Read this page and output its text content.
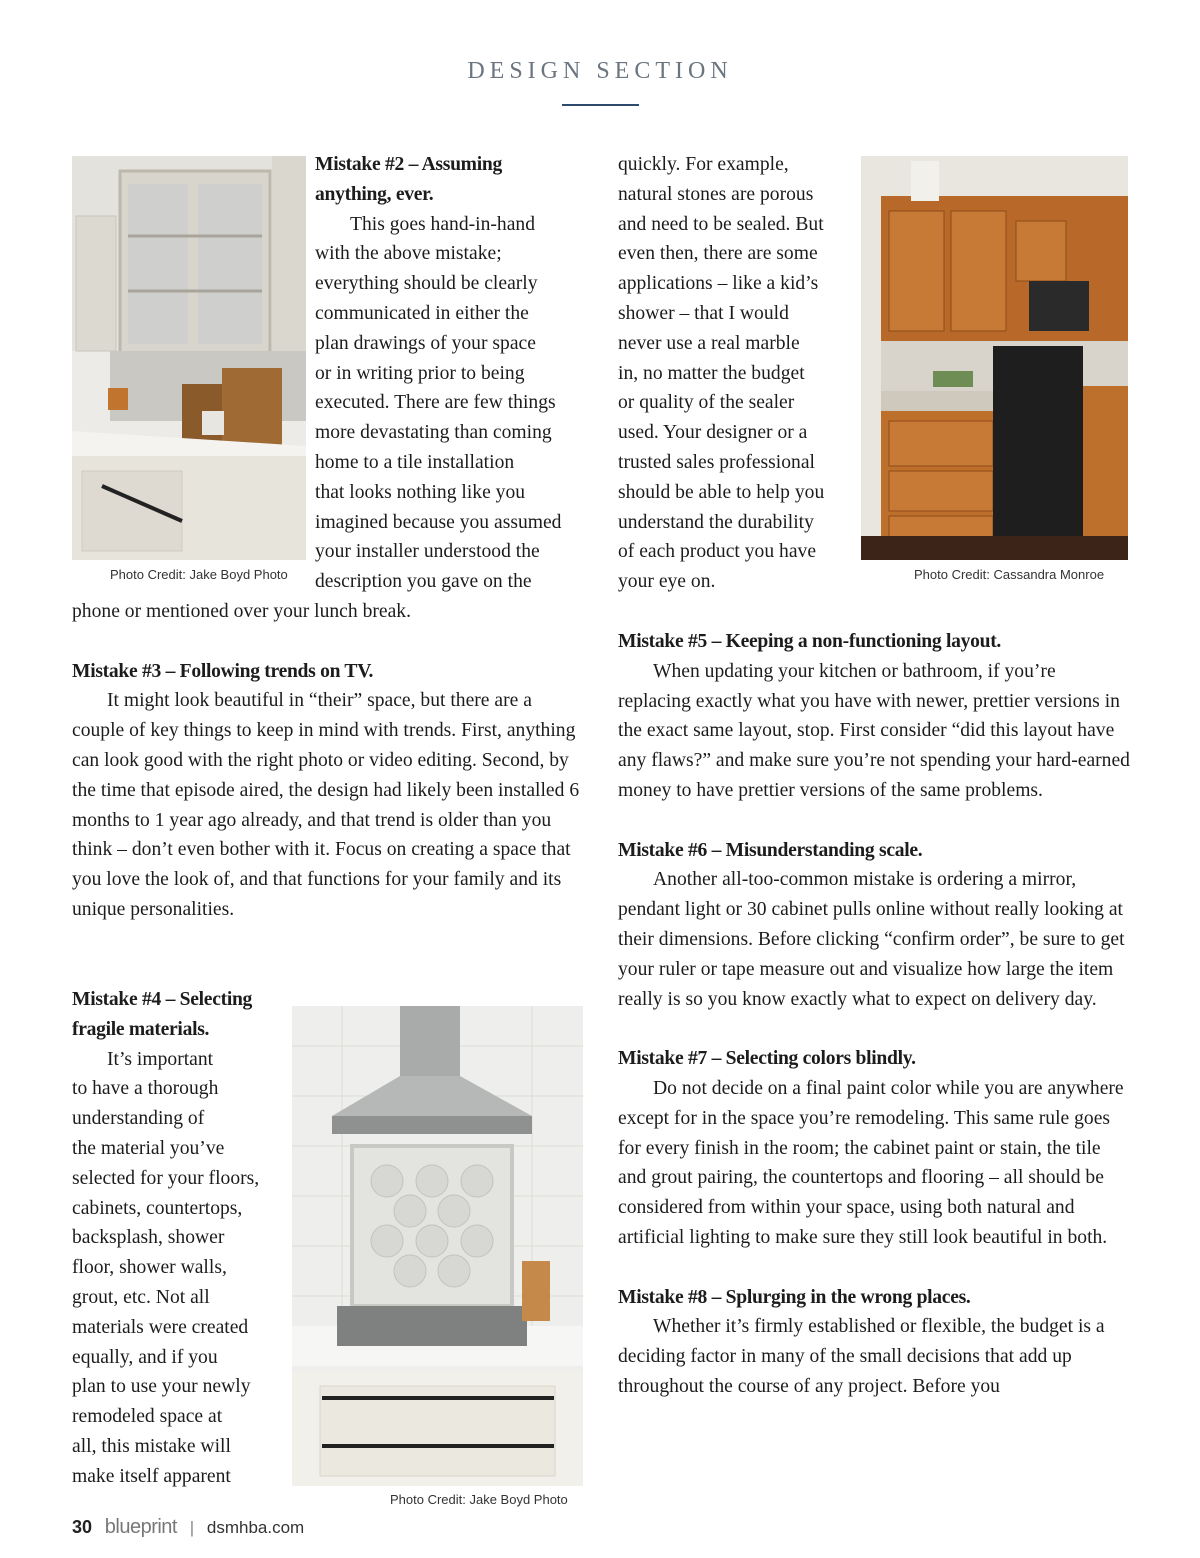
DESIGN SECTION
Photo Credit: Jake Boyd Photo	Photo Credit: Cassandra Monroe
Photo Credit: Jake Boyd Photo
Mistake #2 – Assuming
anything, ever.
This goes hand-in-hand
with the above mistake;
everything should be clearly
communicated in either the
plan drawings of your space
or in writing prior to being
executed. There are few things
more devastating than coming
home to a tile installation
that looks nothing like you
imagined because you assumed
your installer understood the
description you gave on the
phone or mentioned over your lunch break.
Mistake #3 – Following trends on TV.

It might look beautiful in “their” space, but there are a couple of key things to keep in mind with trends. First, anything can look good with the right photo or video editing. Second, by the time that episode aired, the design had likely been installed 6 months to 1 year ago already, and that trend is older than you think – don’t even bother with it. Focus on creating a space that you love the look of, and that functions for your family and its unique personalities.

Mistake #4 – Selecting
fragile materials.
It’s important
to have a thorough
understanding of
the material you’ve
selected for your floors,
cabinets, countertops,
backsplash, shower
floor, shower walls,
grout, etc. Not all
materials were created
equally, and if you
plan to use your newly
remodeled space at
all, this mistake will
make itself apparent
quickly. For example,
natural stones are porous
and need to be sealed. But
even then, there are some
applications – like a kid’s
shower – that I would
never use a real marble
in, no matter the budget
or quality of the sealer
used. Your designer or a
trusted sales professional
should be able to help you
understand the durability
of each product you have
your eye on.
Mistake #5 – Keeping a non-functioning layout.

When updating your kitchen or bathroom, if you’re replacing exactly what you have with newer, prettier versions in the exact same layout, stop. First consider “did this layout have any flaws?” and make sure you’re not spending your hard-earned money to have prettier versions of the same problems.

Mistake #6 – Misunderstanding scale.

Another all-too-common mistake is ordering a mirror, pendant light or 30 cabinet pulls online without really looking at their dimensions. Before clicking “confirm order”, be sure to get your ruler or tape measure out and visualize how large the item really is so you know exactly what to expect on delivery day.

Mistake #7 – Selecting colors blindly.

Do not decide on a final paint color while you are anywhere except for in the space you’re remodeling. This same rule goes for every finish in the room; the cabinet paint or stain, the tile and grout pairing, the countertops and flooring – all should be considered from within your space, using both natural and artificial lighting to make sure they still look beautiful in both.

Mistake #8 – Splurging in the wrong places.

Whether it’s firmly established or flexible, the budget is a deciding factor in many of the small decisions that add up throughout the course of any project. Before you

30 blueprint | dsmhba.com
